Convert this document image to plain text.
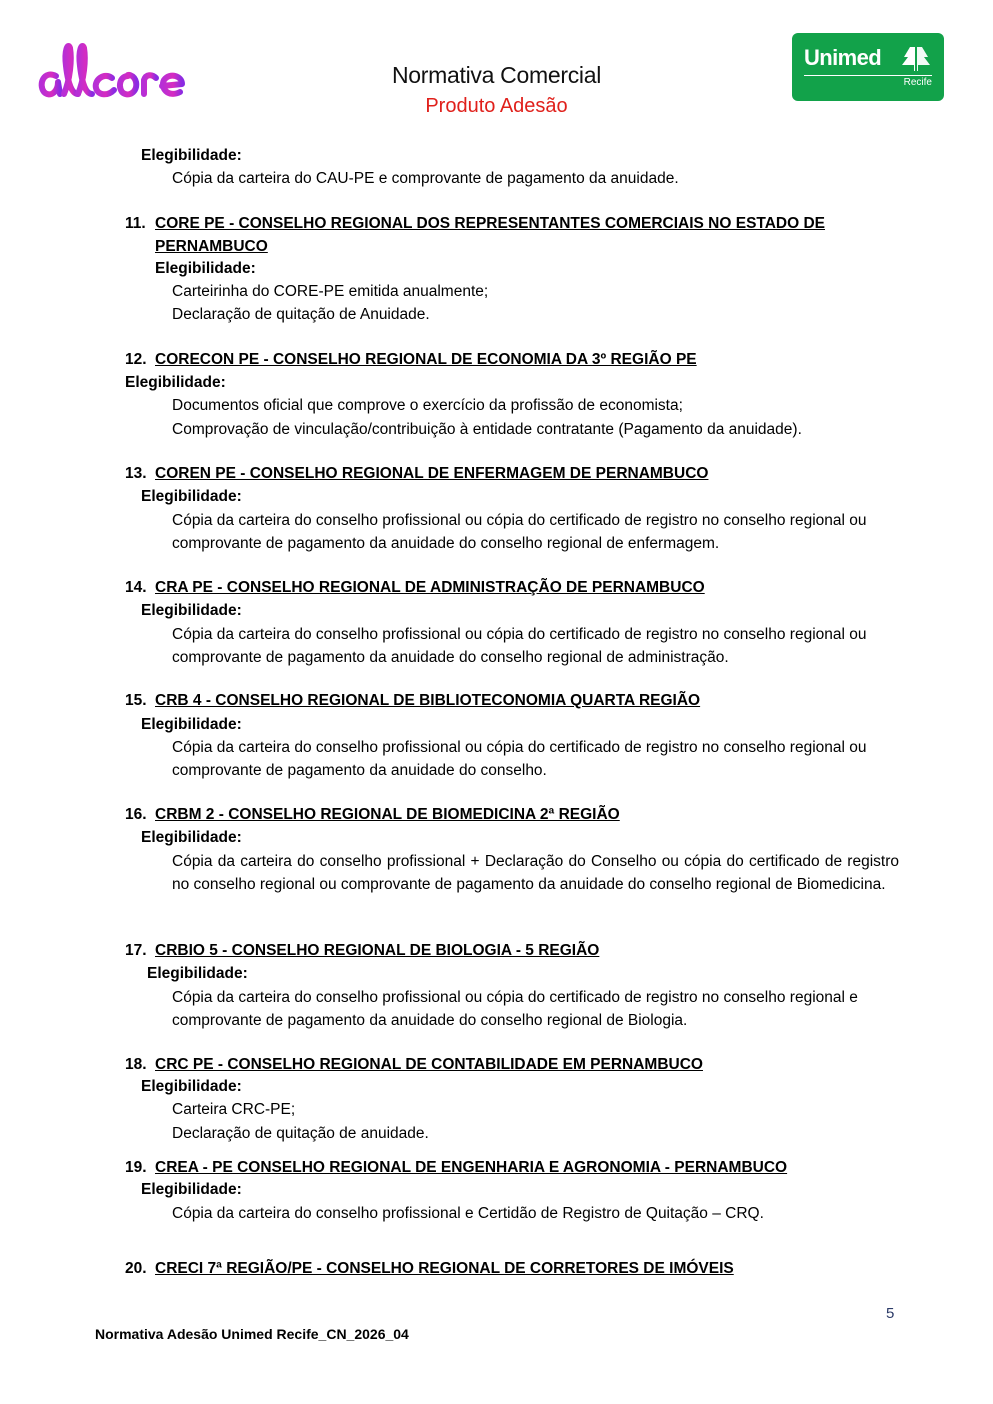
allcore
Normativa Comercial
Produto Adesão
Unimed
Recife
Elegibilidade:
Cópia da carteira do CAU-PE e comprovante de pagamento da anuidade.
11. CORE PE - CONSELHO REGIONAL DOS REPRESENTANTES COMERCIAIS NO ESTADO DE
PERNAMBUCO
Elegibilidade:
Carteirinha do CORE-PE emitida anualmente;
Declaração de quitação de Anuidade.
12. CORECON PE - CONSELHO REGIONAL DE ECONOMIA DA 3º REGIÃO PE
Elegibilidade:
Documentos oficial que comprove o exercício da profissão de economista;
Comprovação de vinculação/contribuição à entidade contratante (Pagamento da anuidade).
13. COREN PE - CONSELHO REGIONAL DE ENFERMAGEM DE PERNAMBUCO
Elegibilidade:
Cópia da carteira do conselho profissional ou cópia do certificado de registro no conselho regional ou comprovante de pagamento da anuidade do conselho regional de enfermagem.
14. CRA PE - CONSELHO REGIONAL DE ADMINISTRAÇÃO DE PERNAMBUCO
Elegibilidade:
Cópia da carteira do conselho profissional ou cópia do certificado de registro no conselho regional ou comprovante de pagamento da anuidade do conselho regional de administração.
15. CRB 4 - CONSELHO REGIONAL DE BIBLIOTECONOMIA QUARTA REGIÃO
Elegibilidade:
Cópia da carteira do conselho profissional ou cópia do certificado de registro no conselho regional ou comprovante de pagamento da anuidade do conselho.
16. CRBM 2 - CONSELHO REGIONAL DE BIOMEDICINA 2ª REGIÃO
Elegibilidade:
Cópia da carteira do conselho profissional + Declaração do Conselho ou cópia do certificado de registro no conselho regional ou comprovante de pagamento da anuidade do conselho regional de Biomedicina.
17. CRBIO 5 - CONSELHO REGIONAL DE BIOLOGIA - 5 REGIÃO
Elegibilidade:
Cópia da carteira do conselho profissional ou cópia do certificado de registro no conselho regional e comprovante de pagamento da anuidade do conselho regional de Biologia.
18. CRC PE - CONSELHO REGIONAL DE CONTABILIDADE EM PERNAMBUCO
Elegibilidade:
Carteira CRC-PE;
Declaração de quitação de anuidade.
19. CREA - PE CONSELHO REGIONAL DE ENGENHARIA E AGRONOMIA - PERNAMBUCO
Elegibilidade:
Cópia da carteira do conselho profissional e Certidão de Registro de Quitação – CRQ.
20. CRECI 7ª REGIÃO/PE - CONSELHO REGIONAL DE CORRETORES DE IMÓVEIS
5
Normativa Adesão Unimed Recife_CN_2026_04
